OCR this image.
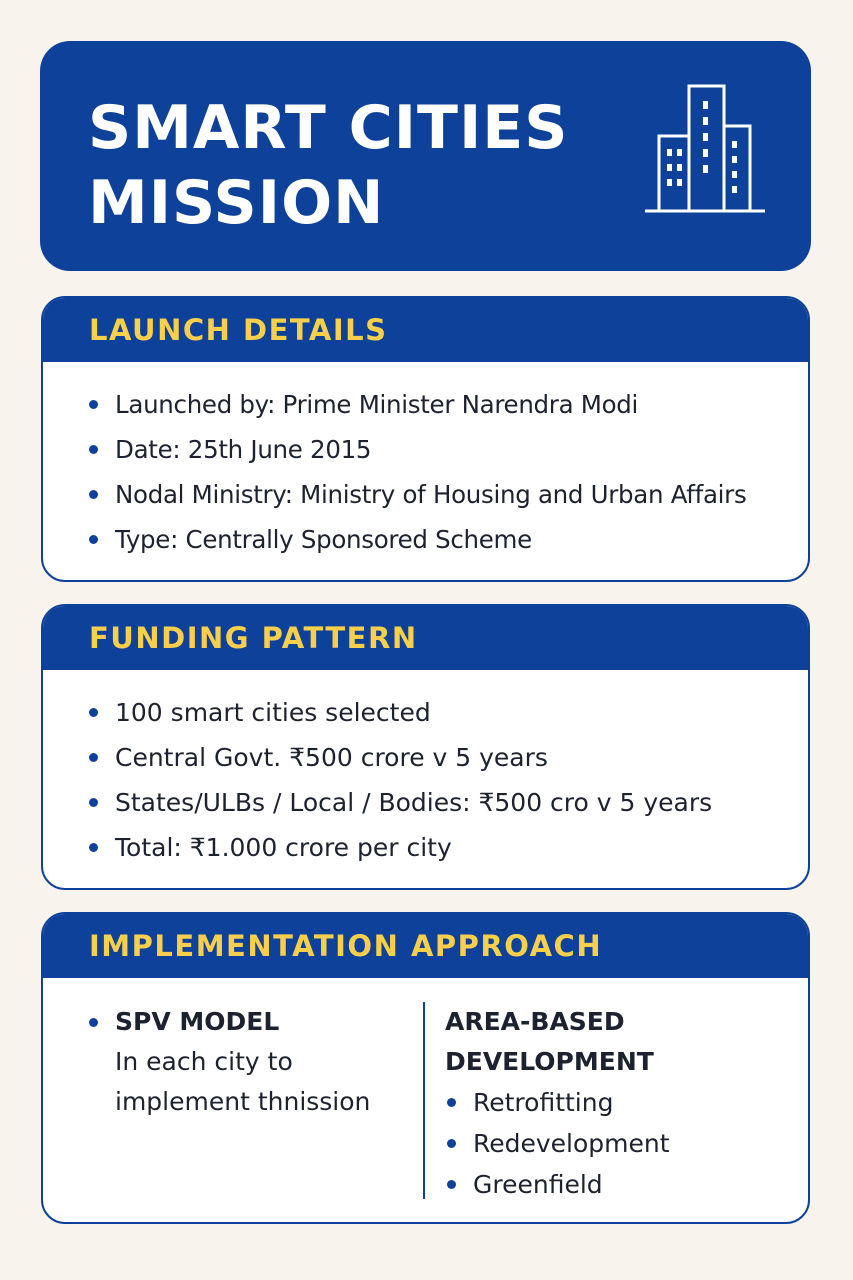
SMART CITIES
MISSION
LAUNCH DETAILS
Launched by: Prime Minister Narendra Modi
Date: 25th June 2015
Nodal Ministry: Ministry of Housing and Urban Affairs
Type: Centrally Sponsored Scheme
FUNDING PATTERN
100 smart cities selected
Central Govt. ₹500 crore v 5 years
States/ULBs / Local / Bodies: ₹500 cro v 5 years
Total: ₹1.000 crore per city
IMPLEMENTATION APPROACH
SPV MODEL
In each city to
implement thnission
AREA-BASED
DEVELOPMENT
Retrofitting
Redevelopment
Greenfield
